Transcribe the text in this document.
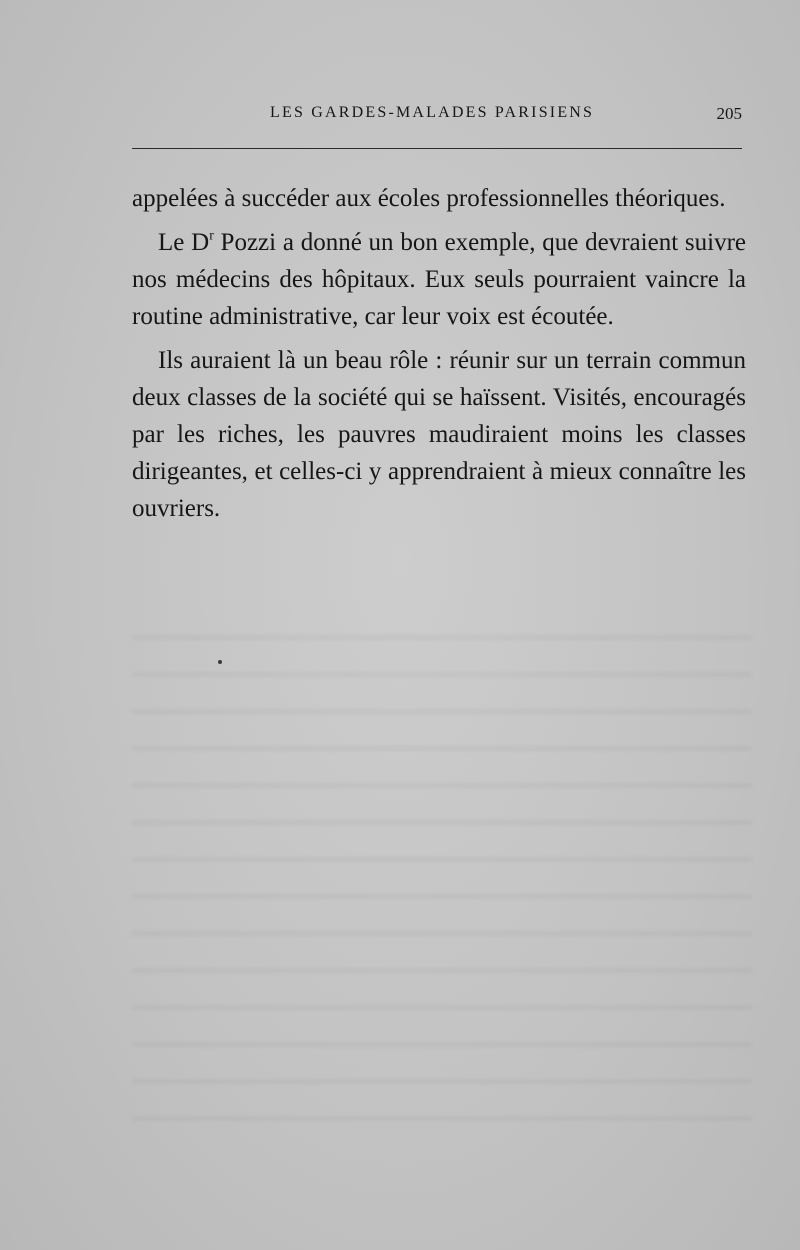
LES GARDES-MALADES PARISIENS	205

appelées à succéder aux écoles professionnelles théoriques.

Le $D^r$ Pozzi a donné un bon exemple, que devraient suivre nos médecins des hôpitaux. Eux seuls pourraient vaincre la routine administrative, car leur voix est écoutée.

Ils auraient là un beau rôle : réunir sur un terrain commun deux classes de la société qui se haïssent. Visités, encouragés par les riches, les pauvres maudiraient moins les classes dirigeantes, et celles-ci y apprendraient à mieux connaître les ouvriers.
